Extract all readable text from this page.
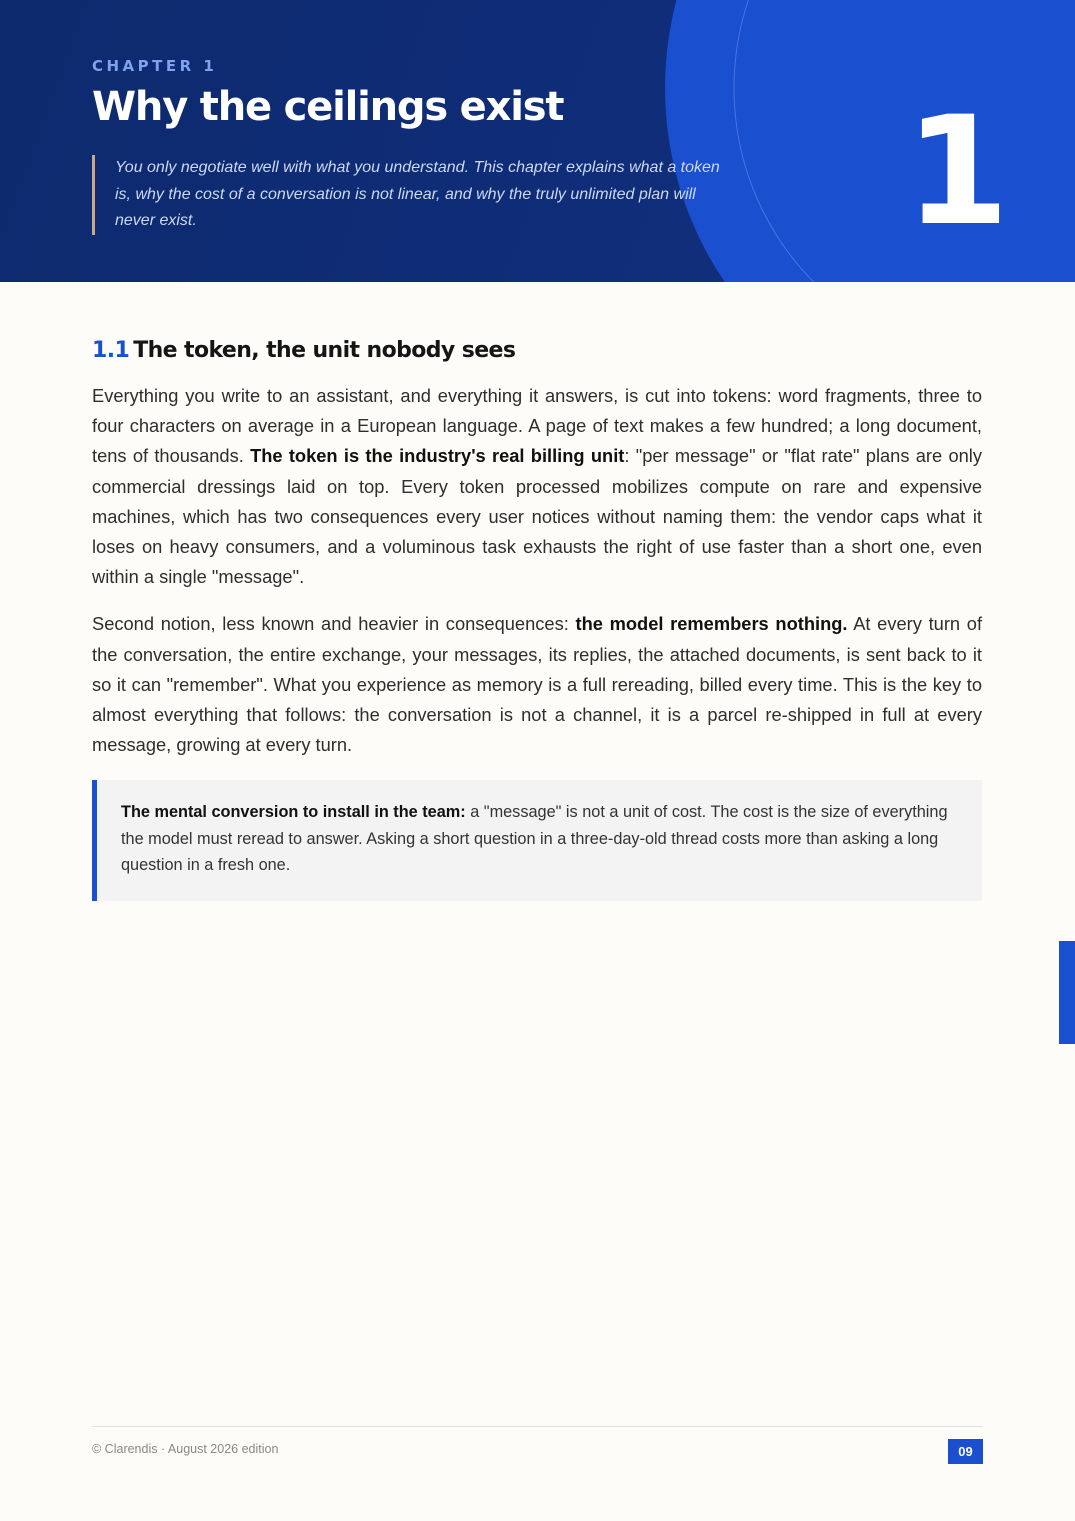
CHAPTER 1
Why the ceilings exist
You only negotiate well with what you understand. This chapter explains what a token is, why the cost of a conversation is not linear, and why the truly unlimited plan will never exist.	1
1.1 The token, the unit nobody sees

Everything you write to an assistant, and everything it answers, is cut into tokens: word fragments, three to four characters on average in a European language. A page of text makes a few hundred; a long document, tens of thousands. The token is the industry's real billing unit: "per message" or "flat rate" plans are only commercial dressings laid on top. Every token processed mobilizes compute on rare and expensive machines, which has two consequences every user notices without naming them: the vendor caps what it loses on heavy consumers, and a voluminous task exhausts the right of use faster than a short one, even within a single "message".

Second notion, less known and heavier in consequences: the model remembers nothing. At every turn of the conversation, the entire exchange, your messages, its replies, the attached documents, is sent back to it so it can "remember". What you experience as memory is a full rereading, billed every time. This is the key to almost everything that follows: the conversation is not a channel, it is a parcel re-shipped in full at every message, growing at every turn.

The mental conversion to install in the team: a "message" is not a unit of cost. The cost is the size of everything the model must reread to answer. Asking a short question in a three-day-old thread costs more than asking a long question in a fresh one.
© Clarendis · August 2026 edition	09
